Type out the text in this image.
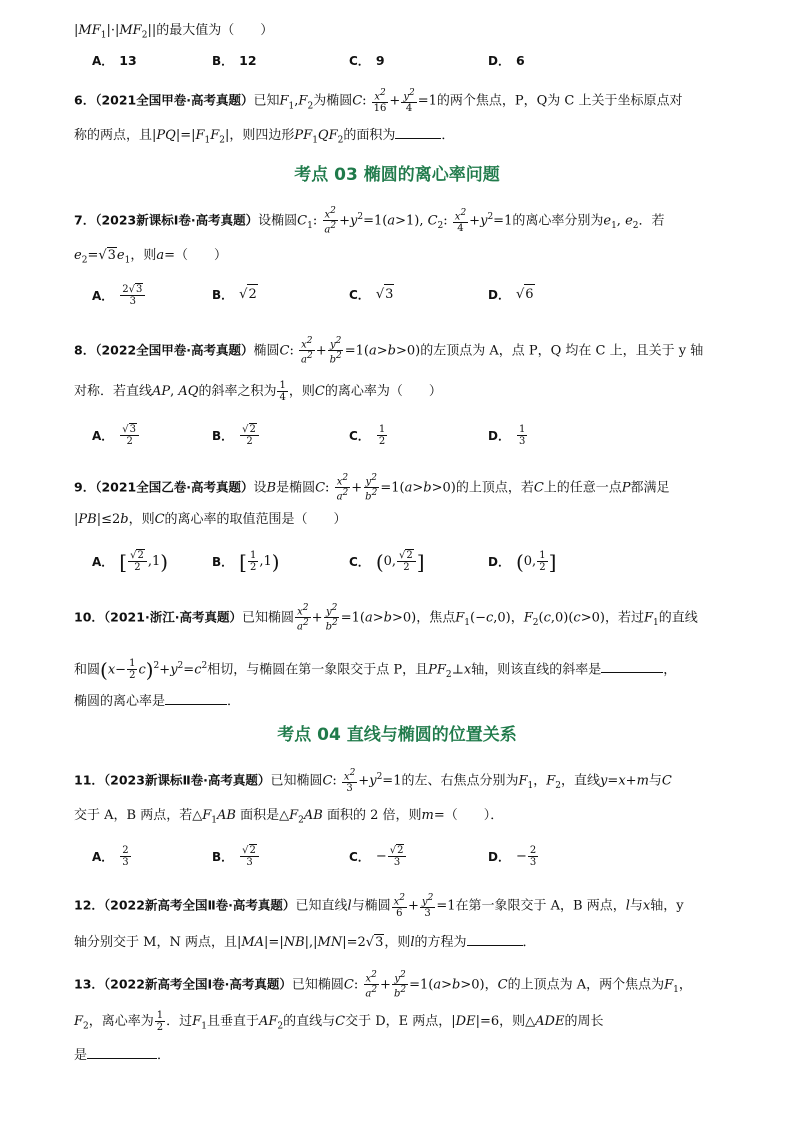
$|MF_1|\cdot|MF_2||$的最大值为（　　）
A． 13	B． 12	C． 9	D． 6
6．（2021全国甲卷·高考真题）已知$F_1,F_2$为椭圆C: $\frac{x^2}{16} + \frac{y^2}{4} =1$的两个焦点，P，Q为 C 上关于坐标原点对
称的两点，且$|PQ|=|F_1F_2|$，则四边形$PF_1QF_2$的面积为	．
考点 03 椭圆的离心率问题
7．（2023新课标Ⅰ卷·高考真题）设椭圆$C_1$: $\frac{x^2}{a^2} +y^2=1(a>1)$, $C_2$: $\frac{x^2}{4} +y^2=1$的离心率分别为$e_1$, $e_2$．若
$e_2=√3e_1$，则a=（　　）
A． $\frac{2√3}{3}$	B． √ 2	C． √ 3	D． √ 6
8．（2022全国甲卷·高考真题）椭圆C: $\frac{x^2}{a^2} + \frac{y^2}{b^2} =1(a>b>0)$的左顶点为 A，点 P，Q 均在 C 上，且关于 y 轴
对称．若直线AP, AQ的斜率之积为 $\frac{1}{4}$ ，则C的离心率为（　　）
A． $\frac{√3}{2}$	B． $\frac{√2}{2}$	C． $\frac{1}{2}$	D． $\frac{1}{3}$
9．（2021全国乙卷·高考真题）设B是椭圆C: $\frac{x^2}{a^2} + \frac{y^2}{b^2} =1(a>b>0)$的上顶点，若C上的任意一点P都满足
|PB|≤2b，则C的离心率的取值范围是（　　）
A． [ $\frac{√2}{2} ,1$ )	B． [ $\frac{1}{2} ,1$ )	C． ( 0, $\frac{√2}{2}$ ]	D． ( 0, $\frac{1}{2}$ ]
10．（2021·浙江·高考真题）已知椭圆 $\frac{x^2}{a^2} + \frac{y^2}{b^2} =1(a>b>0)$，焦点$F_1(-c,0)$，$F_2(c,0)(c>0)$，若过$F_1$的直线
和圆$(x- \frac{1}{2} c)^2+y^2=c^2$相切，与椭圆在第一象限交于点 P，且$PF_2\perp x$轴，则该直线的斜率是	，
椭圆的离心率是	．
考点 04 直线与椭圆的位置关系
11．（2023新课标Ⅱ卷·高考真题）已知椭圆C: $\frac{x^2}{3} +y^2=1$的左、右焦点分别为$F_1$，$F_2$，直线y=x+m与C
交于 A，B 两点，若$\triangle F_1AB$ 面积是$\triangle F_2AB$ 面积的 2 倍，则m=（　　）．
A． $\frac{2}{3}$	B． $\frac{√2}{3}$	C． − $\frac{√2}{3}$	D． − $\frac{2}{3}$
12．（2022新高考全国Ⅱ卷·高考真题）已知直线l与椭圆 $\frac{x^2}{6} + \frac{y^2}{3} =1$在第一象限交于 A，B 两点，l与x轴，y
轴分别交于 M，N 两点，且|MA|=|NB|,|MN|=2√3，则l的方程为	．
13．（2022新高考全国Ⅰ卷·高考真题）已知椭圆C: $\frac{x^2}{a^2} + \frac{y^2}{b^2} =1(a>b>0)$，C的上顶点为 A，两个焦点为$F_1$，
$F_2$，离心率为 $\frac{1}{2}$ ．过$F_1$且垂直于$AF_2$的直线与C交于 D，E 两点，|DE|=6，则△ADE的周长
是	．
